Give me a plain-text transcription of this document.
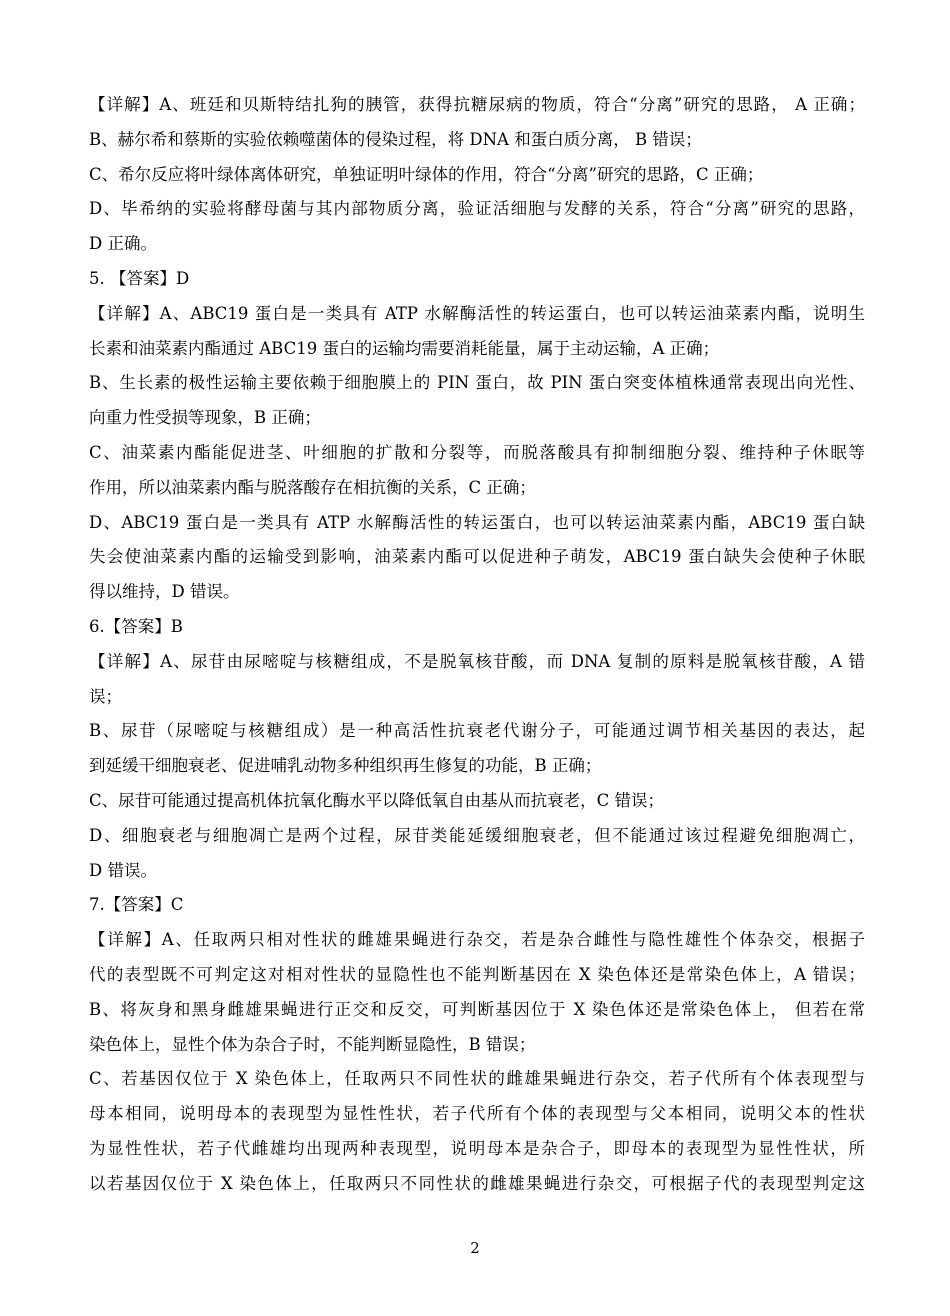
【详解】A、班廷和贝斯特结扎狗的胰管，获得抗糖尿病的物质，符合“分离”研究的思路， A 正确；
B、赫尔希和蔡斯的实验依赖噬菌体的侵染过程，将 DNA 和蛋白质分离， B 错误；
C、希尔反应将叶绿体离体研究，单独证明叶绿体的作用，符合“分离”研究的思路，C 正确；
D、毕希纳的实验将酵母菌与其内部物质分离，验证活细胞与发酵的关系，符合“分离”研究的思路，
D 正确。
5. 【答案】D
【详解】A、ABC19 蛋白是一类具有 ATP 水解酶活性的转运蛋白，也可以转运油菜素内酯，说明生
长素和油菜素内酯通过 ABC19 蛋白的运输均需要消耗能量，属于主动运输，A 正确；
B、生长素的极性运输主要依赖于细胞膜上的 PIN 蛋白，故 PIN 蛋白突变体植株通常表现出向光性、
向重力性受损等现象，B 正确；
C、油菜素内酯能促进茎、叶细胞的扩散和分裂等，而脱落酸具有抑制细胞分裂、维持种子休眠等
作用，所以油菜素内酯与脱落酸存在相抗衡的关系，C 正确；
D、ABC19 蛋白是一类具有 ATP 水解酶活性的转运蛋白，也可以转运油菜素内酯，ABC19 蛋白缺
失会使油菜素内酯的运输受到影响，油菜素内酯可以促进种子萌发，ABC19 蛋白缺失会使种子休眠
得以维持，D 错误。
6.【答案】B
【详解】A、尿苷由尿嘧啶与核糖组成，不是脱氧核苷酸，而 DNA 复制的原料是脱氧核苷酸，A 错
误；
B、尿苷（尿嘧啶与核糖组成）是一种高活性抗衰老代谢分子，可能通过调节相关基因的表达，起
到延缓干细胞衰老、促进哺乳动物多种组织再生修复的功能，B 正确；
C、尿苷可能通过提高机体抗氧化酶水平以降低氧自由基从而抗衰老，C 错误；
D、细胞衰老与细胞凋亡是两个过程，尿苷类能延缓细胞衰老，但不能通过该过程避免细胞凋亡，
D 错误。
7.【答案】C
【详解】A、任取两只相对性状的雌雄果蝇进行杂交，若是杂合雌性与隐性雄性个体杂交，根据子
代的表型既不可判定这对相对性状的显隐性也不能判断基因在 X 染色体还是常染色体上，A 错误；
B、将灰身和黑身雌雄果蝇进行正交和反交，可判断基因位于 X 染色体还是常染色体上， 但若在常
染色体上，显性个体为杂合子时，不能判断显隐性，B 错误；
C、若基因仅位于 X 染色体上，任取两只不同性状的雌雄果蝇进行杂交，若子代所有个体表现型与
母本相同，说明母本的表现型为显性性状，若子代所有个体的表现型与父本相同，说明父本的性状
为显性性状，若子代雌雄均出现两种表现型，说明母本是杂合子，即母本的表现型为显性性状，所
以若基因仅位于 X 染色体上，任取两只不同性状的雌雄果蝇进行杂交，可根据子代的表现型判定这
2
